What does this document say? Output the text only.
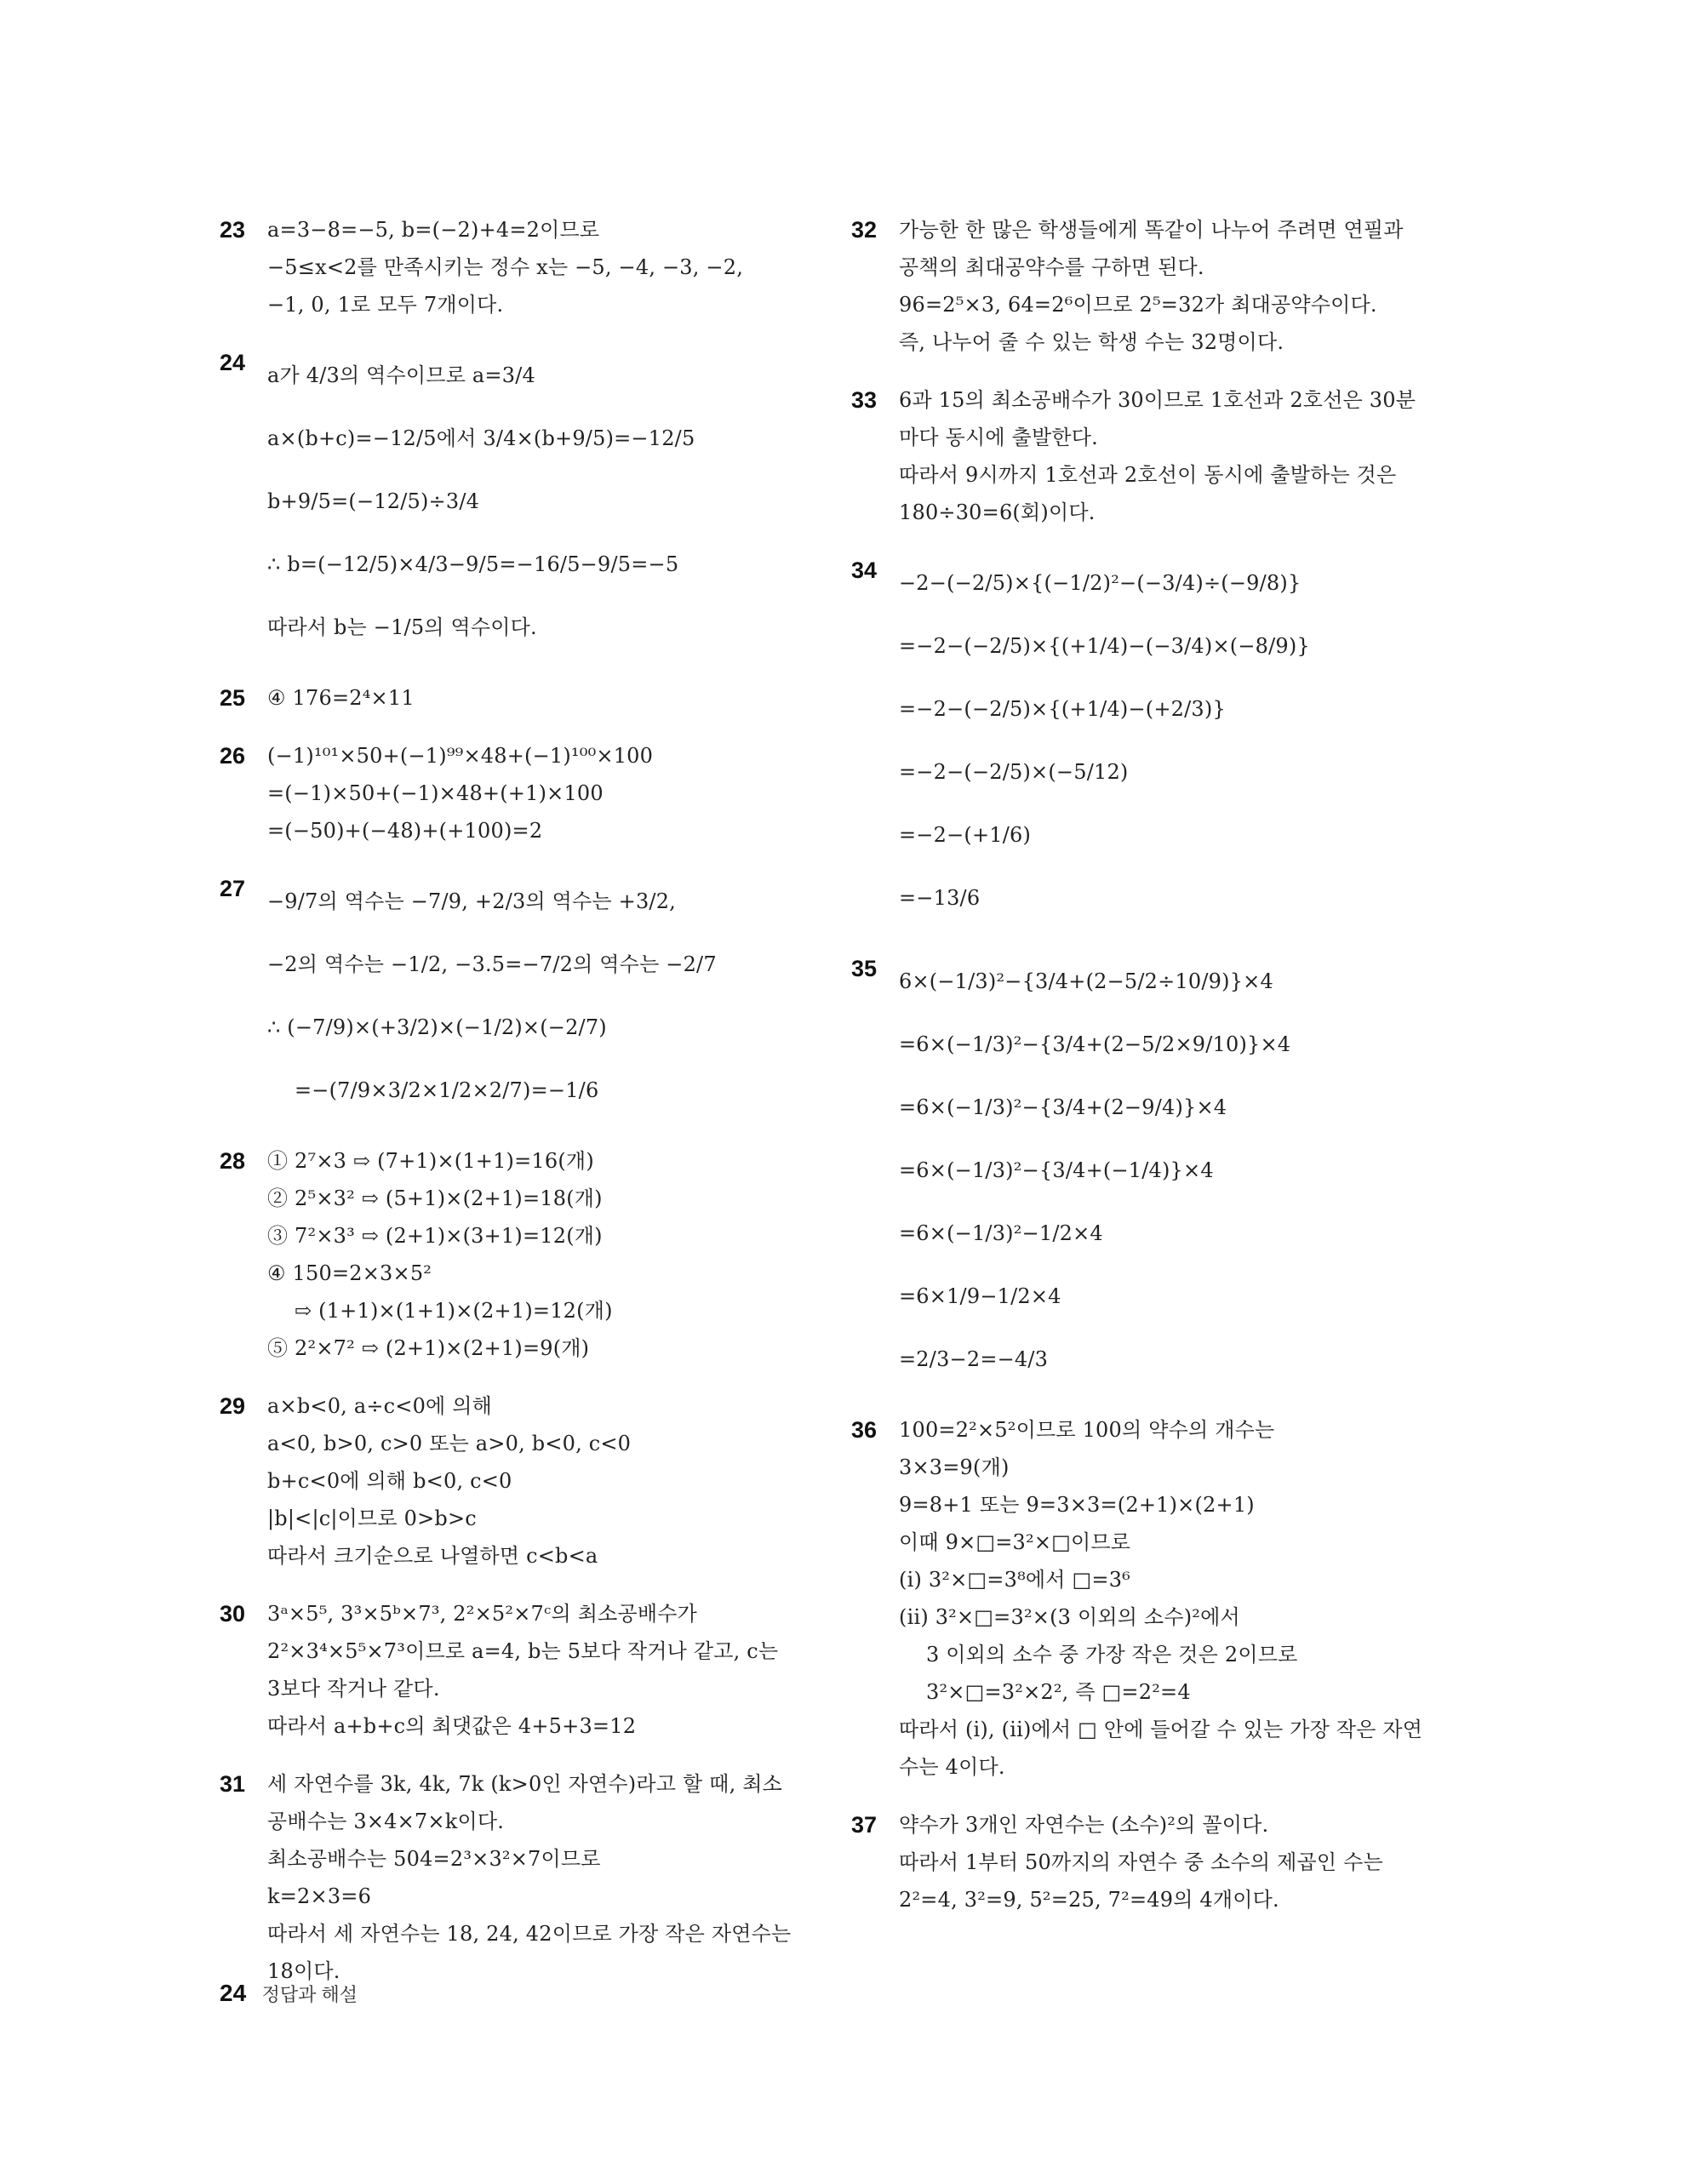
23 a=3−8=−5, b=(−2)+4=2이므로
−5≤x<2를 만족시키는 정수 x는 −5, −4, −3, −2,
−1, 0, 1로 모두 7개이다.
24 a가 4/3의 역수이므로 a=3/4
a×(b+c)=−12/5에서 3/4×(b+9/5)=−12/5
b+9/5=(−12/5)÷3/4
∴ b=(−12/5)×4/3−9/5=−16/5−9/5=−5
따라서 b는 −1/5의 역수이다.
25 ④ 176=2⁴×11
26 (−1)¹⁰¹×50+(−1)⁹⁹×48+(−1)¹⁰⁰×100
=(−1)×50+(−1)×48+(+1)×100
=(−50)+(−48)+(+100)=2
27 −9/7의 역수는 −7/9, +2/3의 역수는 +3/2,
−2의 역수는 −1/2, −3.5=−7/2의 역수는 −2/7
∴ (−7/9)×(+3/2)×(−1/2)×(−2/7)
=−(7/9×3/2×1/2×2/7)=−1/6
28 ① 2⁷×3 ⇨ (7+1)×(1+1)=16(개)
② 2⁵×3² ⇨ (5+1)×(2+1)=18(개)
③ 7²×3³ ⇨ (2+1)×(3+1)=12(개)
④ 150=2×3×5²
⇨ (1+1)×(1+1)×(2+1)=12(개)
⑤ 2²×7² ⇨ (2+1)×(2+1)=9(개)
29 a×b<0, a÷c<0에 의해
a<0, b>0, c>0 또는 a>0, b<0, c<0
b+c<0에 의해 b<0, c<0
|b|<|c|이므로 0>b>c
따라서 크기순으로 나열하면 c<b<a
30 3ᵃ×5⁵, 3³×5ᵇ×7³, 2²×5²×7ᶜ의 최소공배수가
2²×3⁴×5⁵×7³이므로 a=4, b는 5보다 작거나 같고, c는
3보다 작거나 같다.
따라서 a+b+c의 최댓값은 4+5+3=12
31 세 자연수를 3k, 4k, 7k (k>0인 자연수)라고 할 때, 최소
공배수는 3×4×7×k이다.
최소공배수는 504=2³×3²×7이므로
k=2×3=6
따라서 세 자연수는 18, 24, 42이므로 가장 작은 자연수는
18이다.
32 가능한 한 많은 학생들에게 똑같이 나누어 주려면 연필과
공책의 최대공약수를 구하면 된다.
96=2⁵×3, 64=2⁶이므로 2⁵=32가 최대공약수이다.
즉, 나누어 줄 수 있는 학생 수는 32명이다.
33 6과 15의 최소공배수가 30이므로 1호선과 2호선은 30분
마다 동시에 출발한다.
따라서 9시까지 1호선과 2호선이 동시에 출발하는 것은
180÷30=6(회)이다.
34 −2−(−2/5)×{(−1/2)²−(−3/4)÷(−9/8)}
=−2−(−2/5)×{(+1/4)−(−3/4)×(−8/9)}
=−2−(−2/5)×{(+1/4)−(+2/3)}
=−2−(−2/5)×(−5/12)
=−2−(+1/6)
=−13/6
35 6×(−1/3)²−{3/4+(2−5/2÷10/9)}×4
=6×(−1/3)²−{3/4+(2−5/2×9/10)}×4
=6×(−1/3)²−{3/4+(2−9/4)}×4
=6×(−1/3)²−{3/4+(−1/4)}×4
=6×(−1/3)²−1/2×4
=6×1/9−1/2×4
=2/3−2=−4/3
36 100=2²×5²이므로 100의 약수의 개수는
3×3=9(개)
9=8+1 또는 9=3×3=(2+1)×(2+1)
이때 9×□=3²×□이므로
(i) 3²×□=3⁸에서 □=3⁶
(ii) 3²×□=3²×(3 이외의 소수)²에서
3 이외의 소수 중 가장 작은 것은 2이므로
3²×□=3²×2², 즉 □=2²=4
따라서 (i), (ii)에서 □ 안에 들어갈 수 있는 가장 작은 자연
수는 4이다.
37 약수가 3개인 자연수는 (소수)²의 꼴이다.
따라서 1부터 50까지의 자연수 중 소수의 제곱인 수는
2²=4, 3²=9, 5²=25, 7²=49의 4개이다.
24 정답과 해설
